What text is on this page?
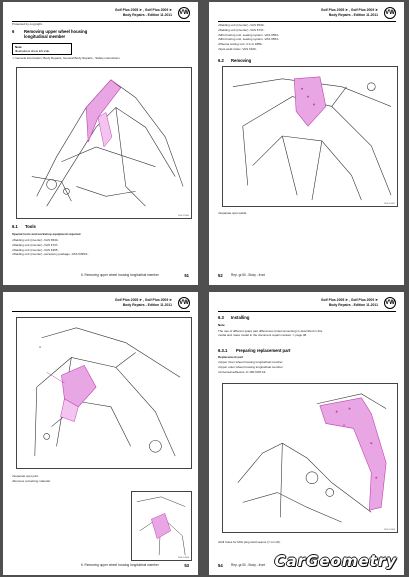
Golf Plus 2005 ➤ , Golf Plus 2009 ➤
Body Repairs - Edition 11.2011 VW
Protected by copyright.
6 Removing upper wheel housing longitudinal member
Note
Illustrations show left side.
⇒ General information; Body Repairs, General Body Repairs - Safety instructions
N56-10366
6.1 Tools
Special tools and workshop equipment required
• Welding unit (inverter) -VAS 6530-
• Welding unit (inverter) -VAS 6737-
• Welding unit (inverter) -VAS 6395-
• Welding unit (inverter) -accessory package -VAS 6395/1-
6. Removing upper wheel housing longitudinal member	51
Golf Plus 2005 ➤ , Golf Plus 2009 ➤
Body Repairs - Edition 11.2011 VW
• Welding unit (inverter) -VAS 6530-
• Welding unit (inverter) -VAS 6737-
• MIG brazing unit, seating system -VAS 6552-
• MIG brazing unit, seating system -VAS 6553-
• Plasma cutting unit -V.A.G 1889-
• Spot weld cutter -VAS 6160-
6.2 Removing
N56-10367
• Separate spot welds.
52	Rep. gr.50 - Body - front
Golf Plus 2005 ➤ , Golf Plus 2009 ➤
Body Repairs - Edition 11.2011 VW
A
• Separate spot joint.
• Remove remaining material.
N56-10368
6. Removing upper wheel housing longitudinal member	53
Golf Plus 2005 ➤ , Golf Plus 2009 ➤
Body Repairs - Edition 11.2011 VW
6.3 Installing
Note
The use of different spare part differences (interconnecting) is described in this model and mass model in the document repair manual: ⇒ page 48
6.3.1 Preparing replacement part
Replacement part
• Upper inner wheel housing longitudinal member
• Upper outer wheel housing longitudinal member
• Universal adhesive -D 180 KD8 A3-
A
N56-10369
• Drill holes for MIG plug weld seams (7 mm Ø).
54	Rep. gr.50 - Body - front CarGeometry
